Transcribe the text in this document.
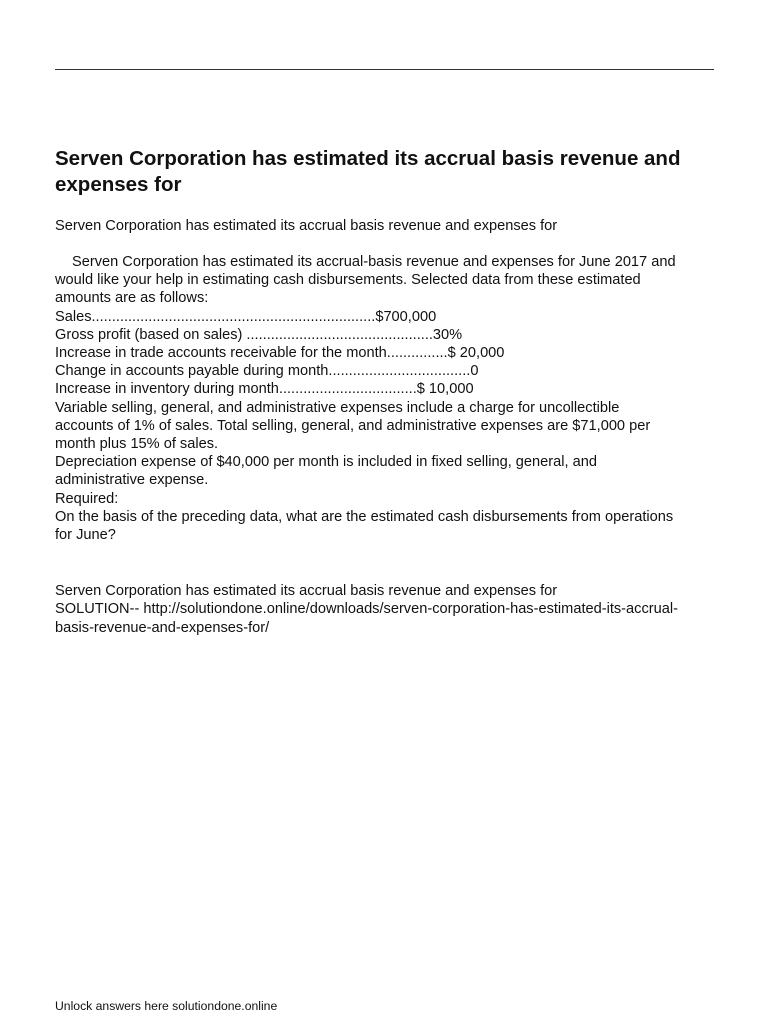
Serven Corporation has estimated its accrual basis revenue and expenses for
Serven Corporation has estimated its accrual basis revenue and expenses for
Serven Corporation has estimated its accrual-basis revenue and expenses for June 2017 and
would like your help in estimating cash disbursements. Selected data from these estimated
amounts are as follows:
Sales......................................................................$700,000
Gross profit (based on sales) ..............................................30%
Increase in trade accounts receivable for the month...............$ 20,000
Change in accounts payable during month...................................0
Increase in inventory during month..................................$ 10,000
Variable selling, general, and administrative expenses include a charge for uncollectible
accounts of 1% of sales. Total selling, general, and administrative expenses are $71,000 per
month plus 15% of sales.
Depreciation expense of $40,000 per month is included in fixed selling, general, and
administrative expense.
Required:
On the basis of the preceding data, what are the estimated cash disbursements from operations
for June?
Serven Corporation has estimated its accrual basis revenue and expenses for
SOLUTION-- http://solutiondone.online/downloads/serven-corporation-has-estimated-its-accrual-
basis-revenue-and-expenses-for/
Unlock answers here solutiondone.online
